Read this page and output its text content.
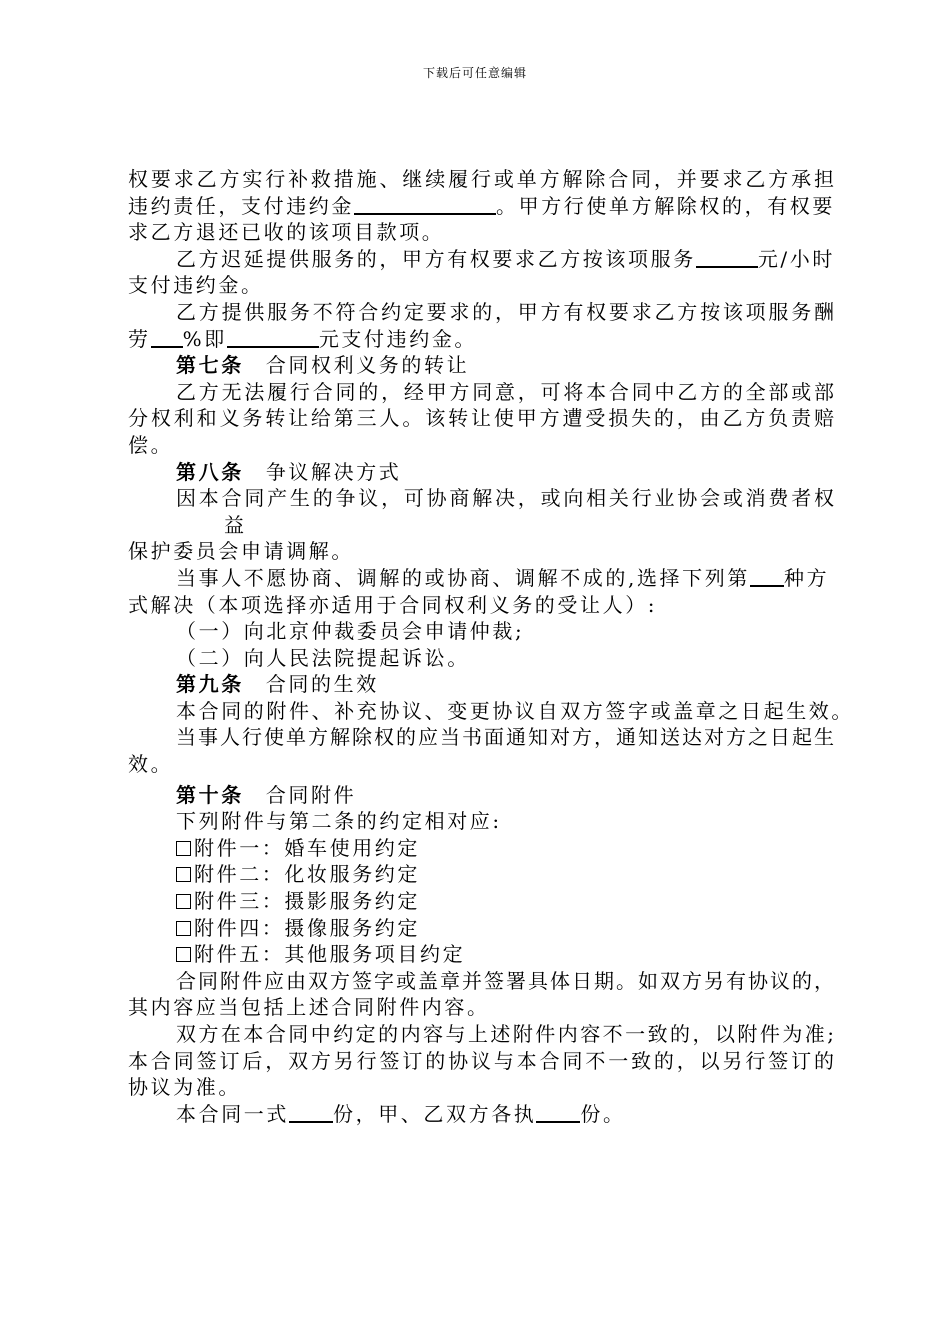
下载后可任意编辑
权要求乙方实行补救措施、继续履行或单方解除合同，并要求乙方承担
违约责任，支付违约金	。甲方行使单方解除权的，有权要
求乙方退还已收的该项目款项。
乙方迟延提供服务的，甲方有权要求乙方按该项服务	元/小时
支付违约金。
乙方提供服务不符合约定要求的，甲方有权要求乙方按该项服务酬
劳 %即	元支付违约金。
第七条 合同权利义务的转让
乙方无法履行合同的，经甲方同意，可将本合同中乙方的全部或部
分权利和义务转让给第三人。该转让使甲方遭受损失的，由乙方负责赔
偿。
第八条 争议解决方式
因本合同产生的争议，可协商解决，或向相关行业协会或消费者权
益
保护委员会申请调解。
当事人不愿协商、调解的或协商、调解不成的,选择下列第 种方
式解决（本项选择亦适用于合同权利义务的受让人）:
（一）向北京仲裁委员会申请仲裁;
（二）向人民法院提起诉讼。
第九条 合同的生效
本合同的附件、补充协议、变更协议自双方签字或盖章之日起生效。
当事人行使单方解除权的应当书面通知对方，通知送达对方之日起生
效。
第十条 合同附件
下列附件与第二条的约定相对应:
附件一：婚车使用约定
附件二：化妆服务约定
附件三：摄影服务约定
附件四：摄像服务约定
附件五：其他服务项目约定
合同附件应由双方签字或盖章并签署具体日期。如双方另有协议的，
其内容应当包括上述合同附件内容。
双方在本合同中约定的内容与上述附件内容不一致的，以附件为准;
本合同签订后，双方另行签订的协议与本合同不一致的，以另行签订的
协议为准。
本合同一式 份，甲、乙双方各执 份。
